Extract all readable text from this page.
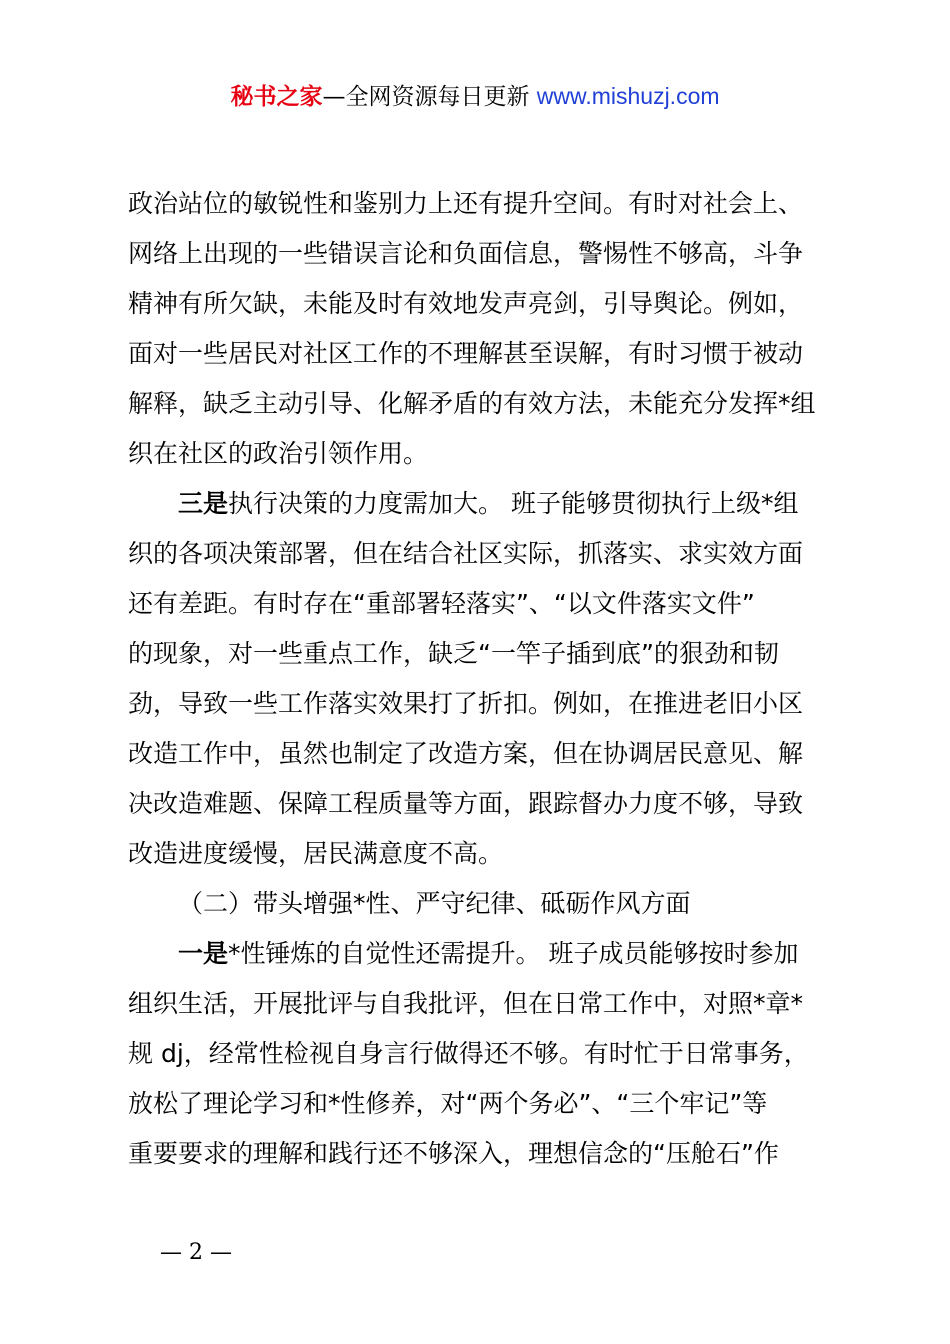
秘书之家—全网资源每日更新 www.mishuzj.com
政治站位的敏锐性和鉴别力上还有提升空间。有时对社会上、
网络上出现的一些错误言论和负面信息，警惕性不够高，斗争
精神有所欠缺，未能及时有效地发声亮剑，引导舆论。例如，
面对一些居民对社区工作的不理解甚至误解，有时习惯于被动
解释，缺乏主动引导、化解矛盾的有效方法，未能充分发挥*组
织在社区的政治引领作用。
三是执行决策的力度需加大。 班子能够贯彻执行上级*组
织的各项决策部署，但在结合社区实际，抓落实、求实效方面
还有差距。有时存在“重部署轻落实”、“以文件落实文件”
的现象，对一些重点工作，缺乏“一竿子插到底”的狠劲和韧
劲，导致一些工作落实效果打了折扣。例如，在推进老旧小区
改造工作中，虽然也制定了改造方案，但在协调居民意见、解
决改造难题、保障工程质量等方面，跟踪督办力度不够，导致
改造进度缓慢，居民满意度不高。
（二）带头增强*性、严守纪律、砥砺作风方面
一是*性锤炼的自觉性还需提升。 班子成员能够按时参加
组织生活，开展批评与自我批评，但在日常工作中，对照*章*
规 dj，经常性检视自身言行做得还不够。有时忙于日常事务，
放松了理论学习和*性修养，对“两个务必”、“三个牢记”等
重要要求的理解和践行还不够深入，理想信念的“压舱石”作
— 2 —
